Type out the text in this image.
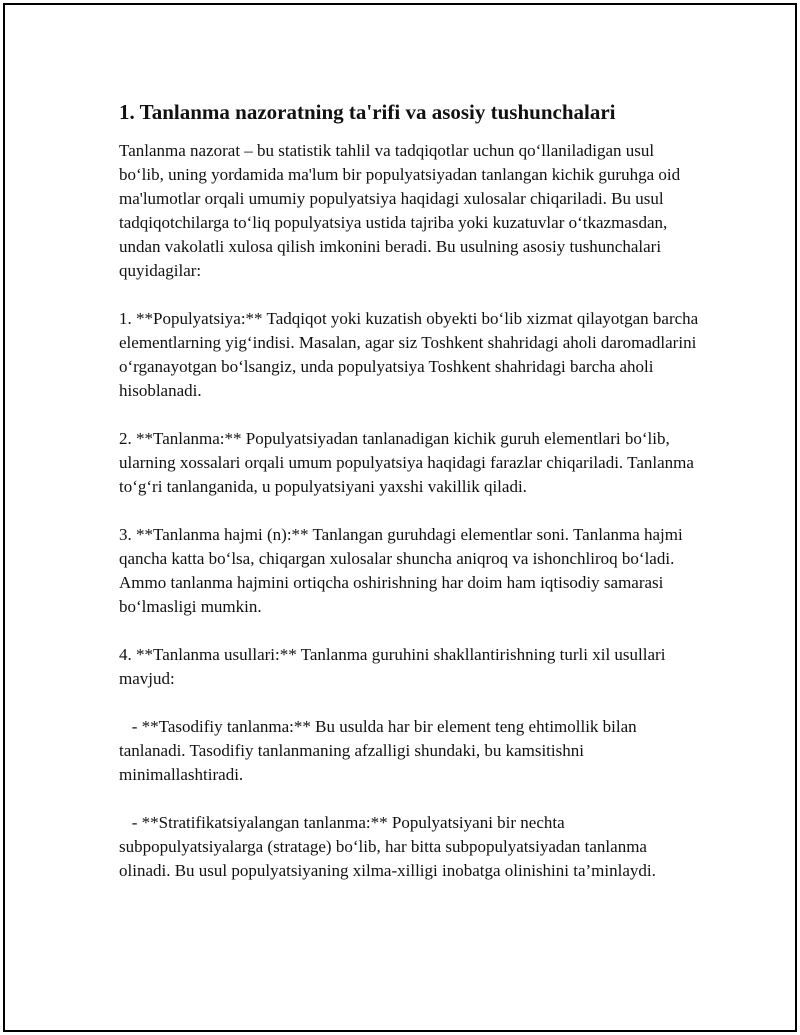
1. Tanlanma nazoratning ta'rifi va asosiy tushunchalari

Tanlanma nazorat – bu statistik tahlil va tadqiqotlar uchun qo‘llaniladigan usul bo‘lib, uning yordamida ma'lum bir populyatsiyadan tanlangan kichik guruhga oid ma'lumotlar orqali umumiy populyatsiya haqidagi xulosalar chiqariladi. Bu usul tadqiqotchilarga to‘liq populyatsiya ustida tajriba yoki kuzatuvlar o‘tkazmasdan, undan vakolatli xulosa qilish imkonini beradi. Bu usulning asosiy tushunchalari quyidagilar:

1. **Populyatsiya:** Tadqiqot yoki kuzatish obyekti bo‘lib xizmat qilayotgan barcha elementlarning yig‘indisi. Masalan, agar siz Toshkent shahridagi aholi daromadlarini o‘rganayotgan bo‘lsangiz, unda populyatsiya Toshkent shahridagi barcha aholi hisoblanadi.

2. **Tanlanma:** Populyatsiyadan tanlanadigan kichik guruh elementlari bo‘lib, ularning xossalari orqali umum populyatsiya haqidagi farazlar chiqariladi. Tanlanma to‘g‘ri tanlanganida, u populyatsiyani yaxshi vakillik qiladi.

3. **Tanlanma hajmi (n):** Tanlangan guruhdagi elementlar soni. Tanlanma hajmi qancha katta bo‘lsa, chiqargan xulosalar shuncha aniqroq va ishonchliroq bo‘ladi. Ammo tanlanma hajmini ortiqcha oshirishning har doim ham iqtisodiy samarasi bo‘lmasligi mumkin.

4. **Tanlanma usullari:** Tanlanma guruhini shakllantirishning turli xil usullari mavjud:

- **Tasodifiy tanlanma:** Bu usulda har bir element teng ehtimollik bilan tanlanadi. Tasodifiy tanlanmaning afzalligi shundaki, bu kamsitishni minimallashtiradi.

- **Stratifikatsiyalangan tanlanma:** Populyatsiyani bir nechta subpopulyatsiyalarga (stratage) bo‘lib, har bitta subpopulyatsiyadan tanlanma olinadi. Bu usul populyatsiyaning xilma-xilligi inobatga olinishini ta’minlaydi.
